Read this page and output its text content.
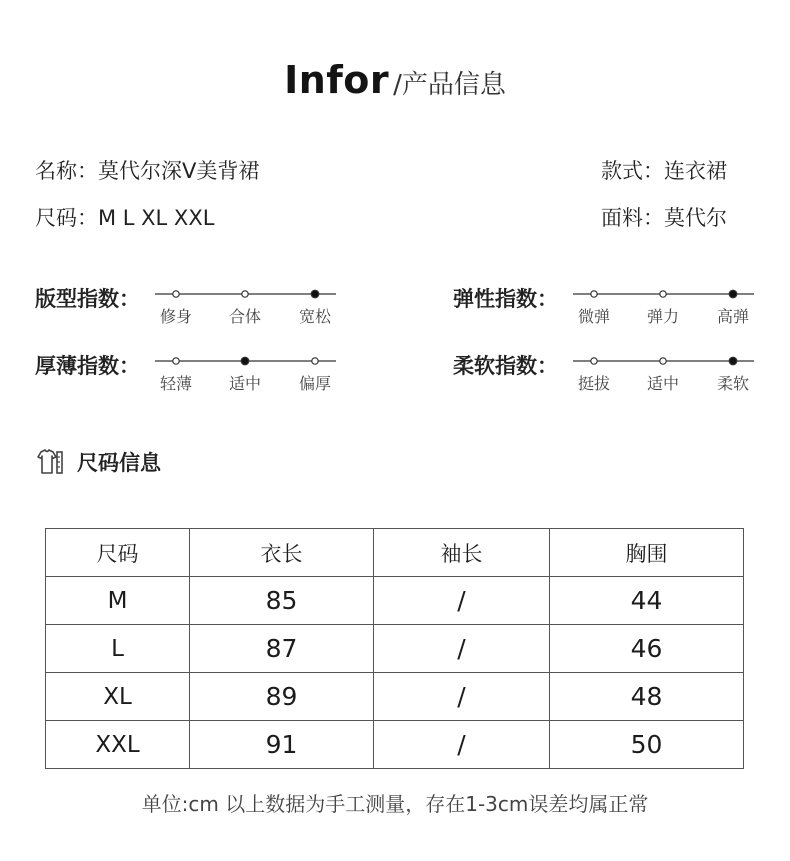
Infor /产品信息
名称：莫代尔深V美背裙	款式：连衣裙
尺码：M L XL XXL	面料：莫代尔
版型指数：
修身 合体 宽松
弹性指数：
微弹 弹力 高弹
厚薄指数：
轻薄 适中 偏厚
柔软指数：
挺拔 适中 柔软
尺码信息
尺码	衣长	袖长	胸围
M	85	/	44
L	87	/	46
XL	89	/	48
XXL	91	/	50
单位:cm 以上数据为手工测量，存在1-3cm误差均属正常
